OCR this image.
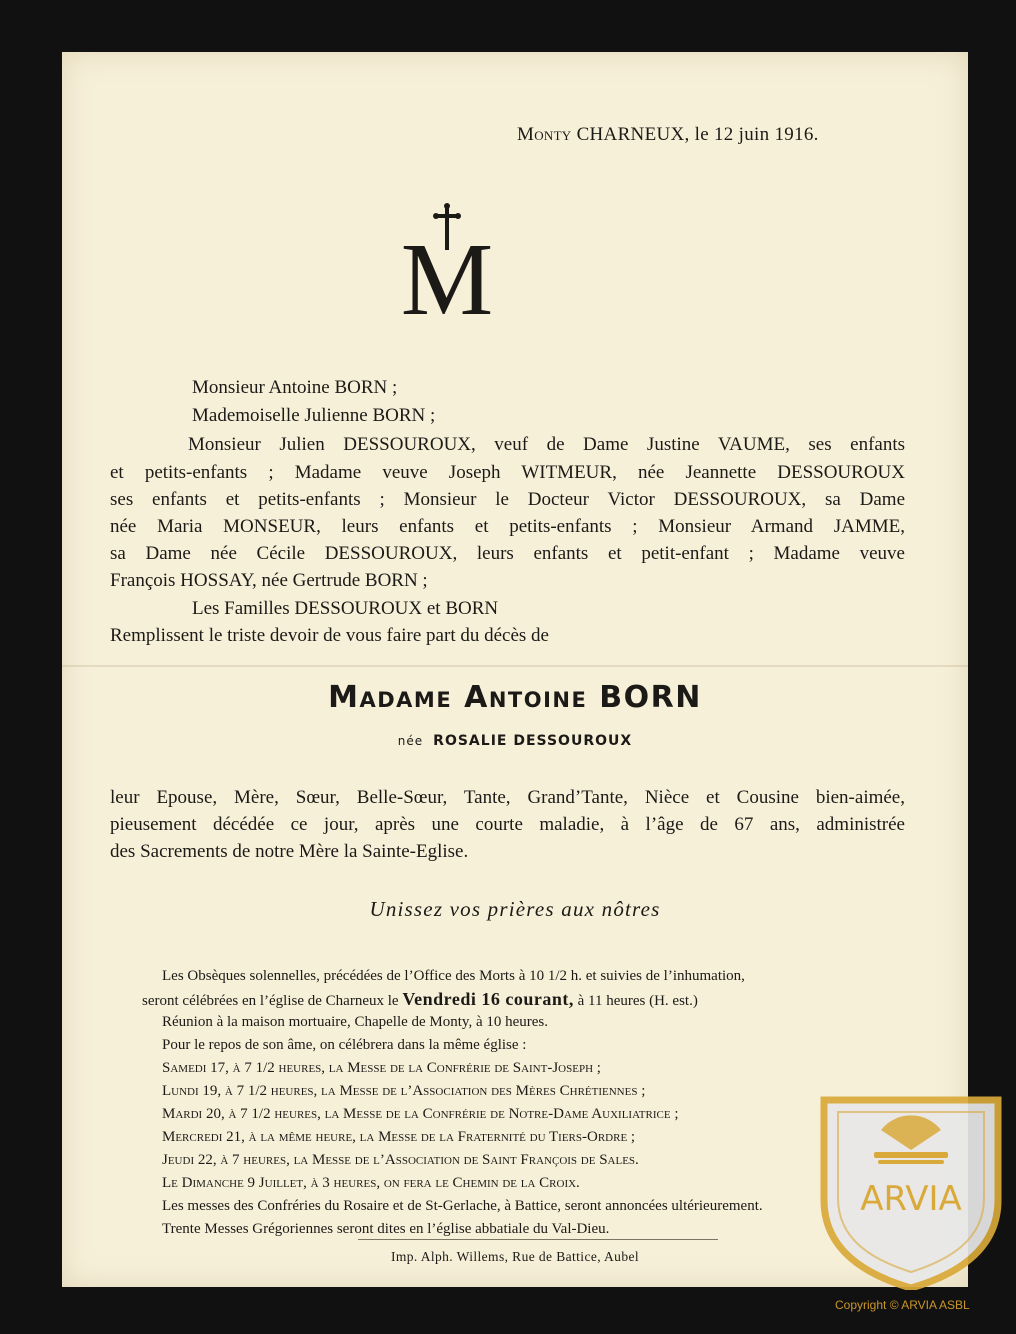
Monty CHARNEUX, le 12 juin 1916.
M
Monsieur Antoine BORN ;
Mademoiselle Julienne BORN ;
Monsieur Julien DESSOUROUX, veuf de Dame Justine VAUME, ses enfants
et petits-enfants ; Madame veuve Joseph WITMEUR, née Jeannette DESSOUROUX
ses enfants et petits-enfants ; Monsieur le Docteur Victor DESSOUROUX, sa Dame
née Maria MONSEUR, leurs enfants et petits-enfants ; Monsieur Armand JAMME,
sa Dame née Cécile DESSOUROUX, leurs enfants et petit-enfant ; Madame veuve
François HOSSAY, née Gertrude BORN ;
Les Familles DESSOUROUX et BORN
Remplissent le triste devoir de vous faire part du décès de
Madame Antoine BORN
née ROSALIE DESSOUROUX
leur Epouse, Mère, Sœur, Belle-Sœur, Tante, Grand’Tante, Nièce et Cousine bien-aimée,
pieusement décédée ce jour, après une courte maladie, à l’âge de 67 ans, administrée
des Sacrements de notre Mère la Sainte-Eglise.
Unissez vos prières aux nôtres
Les Obsèques solennelles, précédées de l’Office des Morts à 10 1/2 h. et suivies de l’inhumation,
seront célébrées en l’église de Charneux le Vendredi 16 courant, à 11 heures (H. est.)
Réunion à la maison mortuaire, Chapelle de Monty, à 10 heures.
Pour le repos de son âme, on célébrera dans la même église :
Samedi 17, à 7 1/2 heures, la Messe de la Confrérie de Saint-Joseph ;
Lundi 19, à 7 1/2 heures, la Messe de l’Association des Mères Chrétiennes ;
Mardi 20, à 7 1/2 heures, la Messe de la Confrérie de Notre-Dame Auxiliatrice ;
Mercredi 21, à la même heure, la Messe de la Fraternité du Tiers-Ordre ;
Jeudi 22, à 7 heures, la Messe de l’Association de Saint François de Sales.
Le Dimanche 9 Juillet, à 3 heures, on fera le Chemin de la Croix.
Les messes des Confréries du Rosaire et de St-Gerlache, à Battice, seront annoncées ultérieurement.
Trente Messes Grégoriennes seront dites en l’église abbatiale du Val-Dieu.
Imp. Alph. Willems, Rue de Battice, Aubel
ARVIA
Copyright © ARVIA ASBL
